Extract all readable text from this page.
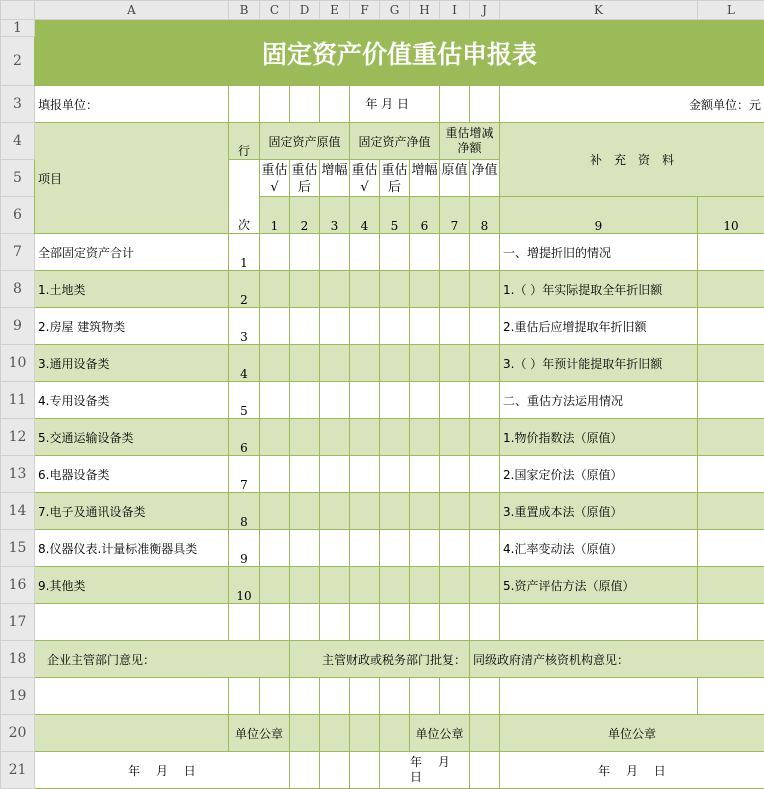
	A	B	C	D	E	F	G	H	I	J	K	L
1	固定资产价值重估申报表											
2												
3	填报单位：					年 月 日					金额单位：元	
4	项目	行	固定资产原值			固定资产净值			重估增减净额		补　充　资　料	
5		次	重估√	重估后	增幅	重估√	重估后	增幅	原值	净值		
6			1	2	3	4	5	6	7	8	9	10
7	全部固定资产合计	1									一、增提折旧的情况	
8	1.土地类	2									1.（ ）年实际提取全年折旧额	
9	2.房屋 建筑物类	3									2.重估后应增提取年折旧额	
10	3.通用设备类	4									3.（ ）年预计能提取年折旧额	
11	4.专用设备类	5									二、重估方法运用情况	
12	5.交通运输设备类	6									1.物价指数法（原值）	
13	6.电器设备类	7									2.国家定价法（原值）	
14	7.电子及通讯设备类	8									3.重置成本法（原值）	
15	8.仪器仪表.计量标准衡器具类	9									4.汇率变动法（原值）	
16	9.其他类	10									5.资产评估方法（原值）	
17												
18	企业主管部门意见：			主管财政或税务部门批复：						同级政府清产核资机构意见：		
19												
20		单位公章						单位公章			单位公章	
21	年　 月　 日						年　 月　日				年　 月　 日	
